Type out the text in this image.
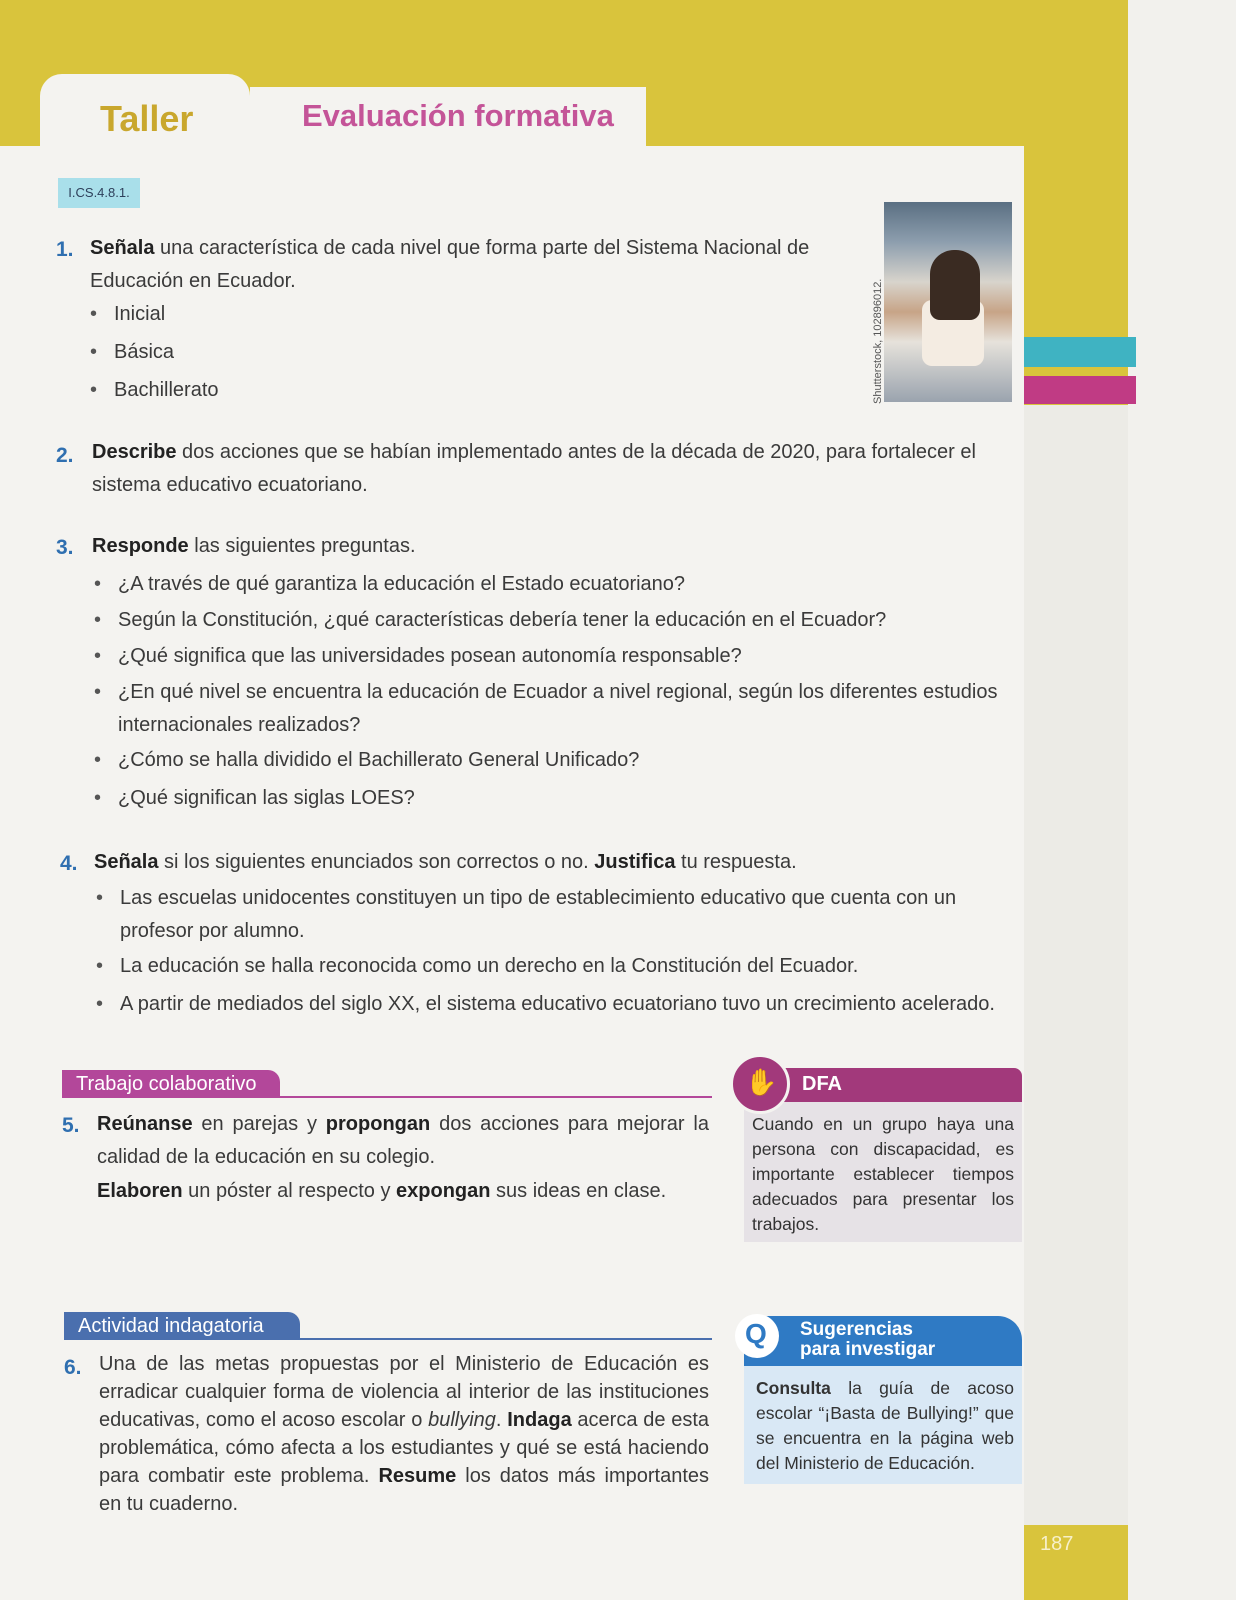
Taller	Evaluación formativa
I.CS.4.8.1.
1. Señala una característica de cada nivel que forma parte del Sistema Nacional de Educación en Ecuador.
• Inicial
• Básica
• Bachillerato	Shutterstock, 102896012.
2. Describe dos acciones que se habían implementado antes de la década de 2020, para fortalecer el sistema educativo ecuatoriano.
3. Responde las siguientes preguntas.
• ¿A través de qué garantiza la educación el Estado ecuatoriano?
• Según la Constitución, ¿qué características debería tener la educación en el Ecuador?
• ¿Qué significa que las universidades posean autonomía responsable?
• ¿En qué nivel se encuentra la educación de Ecuador a nivel regional, según los diferentes estudios internacionales realizados?
• ¿Cómo se halla dividido el Bachillerato General Unificado?
• ¿Qué significan las siglas LOES?
4. Señala si los siguientes enunciados son correctos o no. Justifica tu respuesta.
• Las escuelas unidocentes constituyen un tipo de establecimiento educativo que cuenta con un profesor por alumno.
• La educación se halla reconocida como un derecho en la Constitución del Ecuador.
• A partir de mediados del siglo XX, el sistema educativo ecuatoriano tuvo un crecimiento acelerado.
Trabajo colaborativo
5. Reúnanse en parejas y propongan dos acciones para mejorar la calidad de la educación en su colegio.
Elaboren un póster al respecto y expongan sus ideas en clase.
DFA
Cuando en un grupo haya una persona con discapacidad, es importante establecer tiempos adecuados para presentar los trabajos.
✋
Actividad indagatoria
6. Una de las metas propuestas por el Ministerio de Educación es erradicar cualquier forma de violencia al interior de las instituciones educativas, como el acoso escolar o bullying. Indaga acerca de esta problemática, cómo afecta a los estudiantes y qué se está haciendo para combatir este problema. Resume los datos más importantes en tu cuaderno.
Sugerencias
para investigar
Q
Consulta la guía de acoso escolar “¡Basta de Bullying!” que se encuentra en la página web del Ministerio de Educación.
187
